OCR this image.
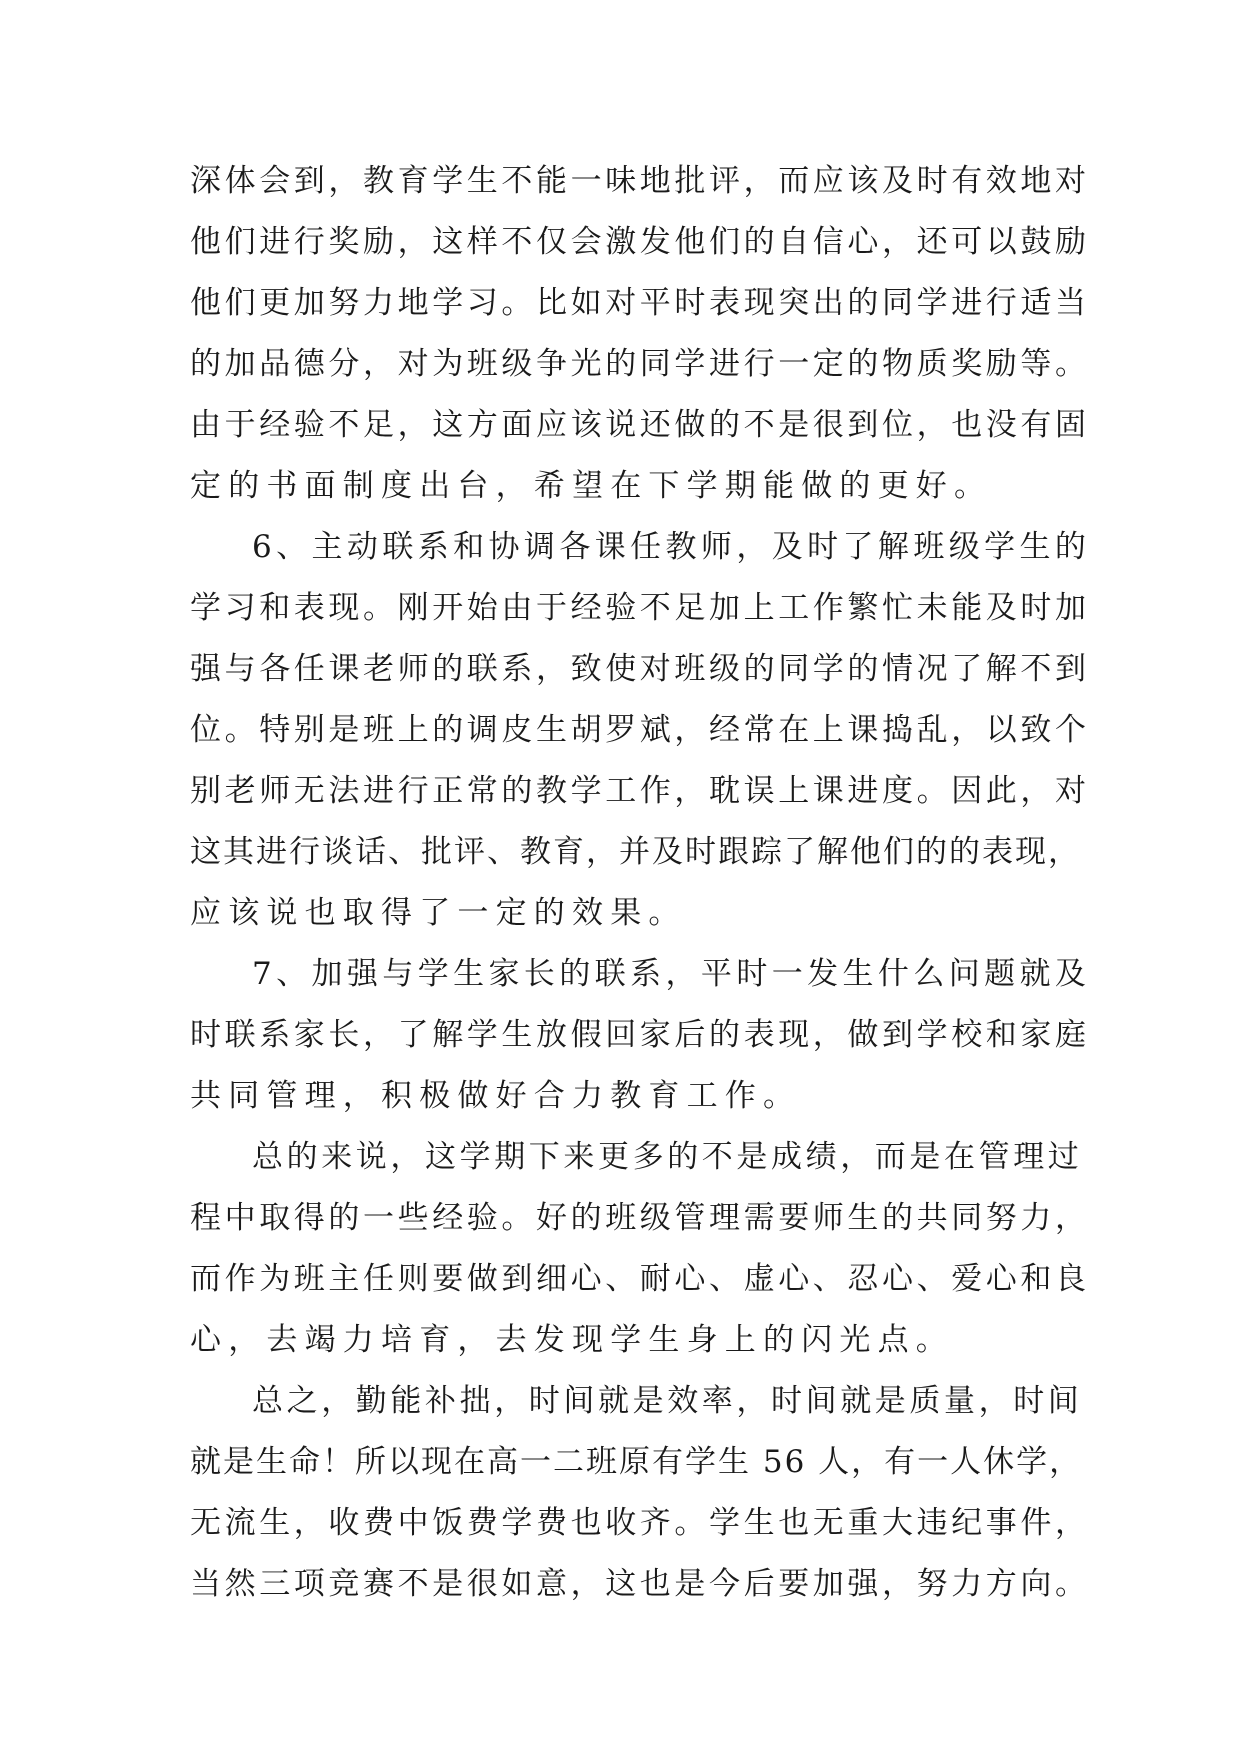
深体会到，教育学生不能一味地批评，而应该及时有效地对
他们进行奖励，这样不仅会激发他们的自信心，还可以鼓励
他们更加努力地学习。比如对平时表现突出的同学进行适当
的加品德分，对为班级争光的同学进行一定的物质奖励等。
由于经验不足，这方面应该说还做的不是很到位，也没有固
定的书面制度出台，希望在下学期能做的更好。
6、主动联系和协调各课任教师，及时了解班级学生的
学习和表现。刚开始由于经验不足加上工作繁忙未能及时加
强与各任课老师的联系，致使对班级的同学的情况了解不到
位。特别是班上的调皮生胡罗斌，经常在上课捣乱，以致个
别老师无法进行正常的教学工作，耽误上课进度。因此，对
这其进行谈话、批评、教育，并及时跟踪了解他们的的表现，
应该说也取得了一定的效果。
7、加强与学生家长的联系，平时一发生什么问题就及
时联系家长，了解学生放假回家后的表现，做到学校和家庭
共同管理，积极做好合力教育工作。
总的来说，这学期下来更多的不是成绩，而是在管理过
程中取得的一些经验。好的班级管理需要师生的共同努力，
而作为班主任则要做到细心、耐心、虚心、忍心、爱心和良
心，去竭力培育，去发现学生身上的闪光点。
总之，勤能补拙，时间就是效率，时间就是质量，时间
就是生命！所以现在高一二班原有学生 56 人，有一人休学，
无流生，收费中饭费学费也收齐。学生也无重大违纪事件，
当然三项竞赛不是很如意，这也是今后要加强，努力方向。
